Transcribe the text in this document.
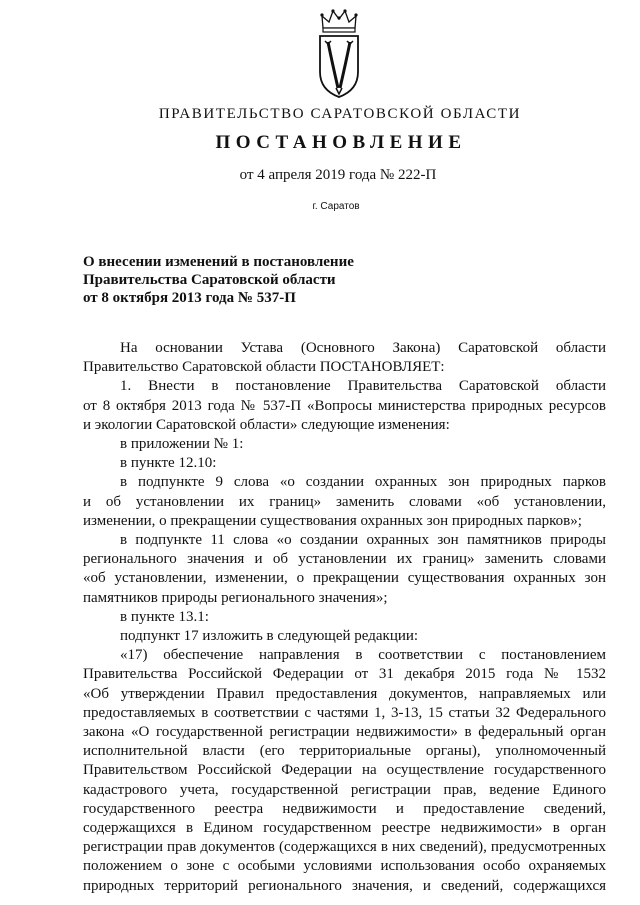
ПРАВИТЕЛЬСТВО САРАТОВСКОЙ ОБЛАСТИ
ПОСТАНОВЛЕНИЕ
от 4 апреля 2019 года № 222-П
г. Саратов
О внесении изменений в постановление
Правительства Саратовской области
от 8 октября 2013 года № 537-П
На основании Устава (Основного Закона) Саратовской области
Правительство Саратовской области ПОСТАНОВЛЯЕТ:
1. Внести в постановление Правительства Саратовской области
от 8 октября 2013 года № 537-П «Вопросы министерства природных ресурсов
и экологии Саратовской области» следующие изменения:
в приложении № 1:
в пункте 12.10:
в подпункте 9 слова «о создании охранных зон природных парков
и об установлении их границ» заменить словами «об установлении,
изменении, о прекращении существования охранных зон природных парков»;
в подпункте 11 слова «о создании охранных зон памятников природы
регионального значения и об установлении их границ» заменить словами
«об установлении, изменении, о прекращении существования охранных зон
памятников природы регионального значения»;
в пункте 13.1:
подпункт 17 изложить в следующей редакции:
«17) обеспечение направления в соответствии с постановлением
Правительства Российской Федерации от 31 декабря 2015 года № 1532
«Об утверждении Правил предоставления документов, направляемых или
предоставляемых в соответствии с частями 1, 3-13, 15 статьи 32 Федерального
закона «О государственной регистрации недвижимости» в федеральный орган
исполнительной власти (его территориальные органы), уполномоченный
Правительством Российской Федерации на осуществление государственного
кадастрового учета, государственной регистрации прав, ведение Единого
государственного реестра недвижимости и предоставление сведений,
содержащихся в Едином государственном реестре недвижимости» в орган
регистрации прав документов (содержащихся в них сведений), предусмотренных
положением о зоне с особыми условиями использования особо охраняемых
природных территорий регионального значения, и сведений, содержащихся
